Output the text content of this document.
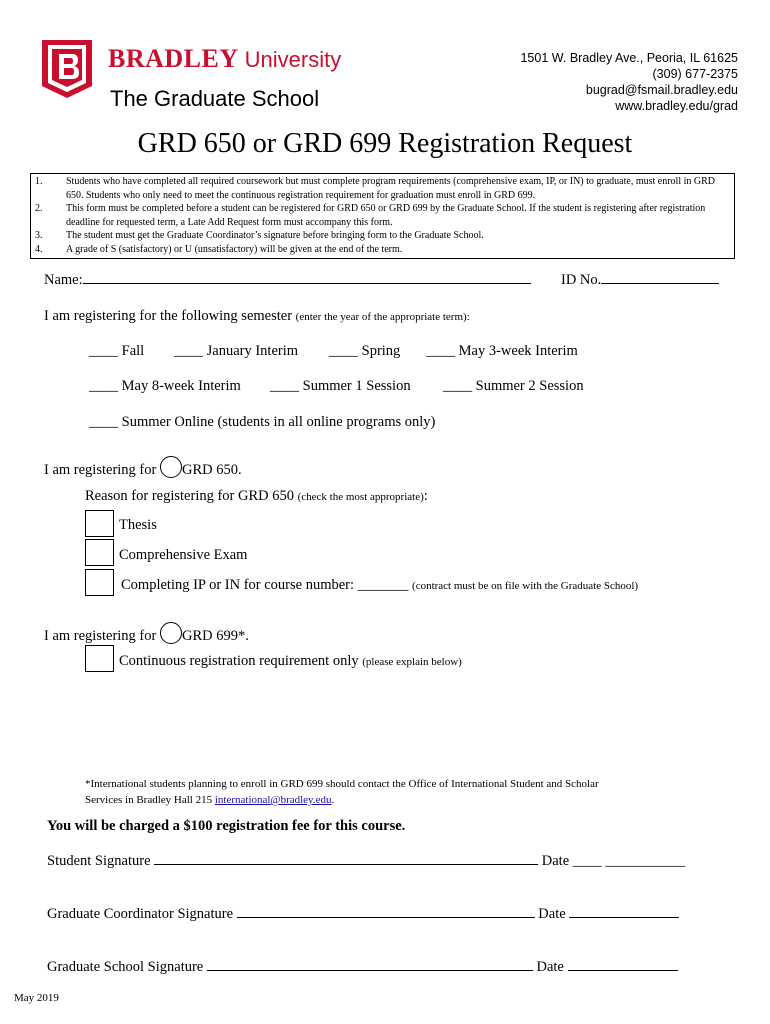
BRADLEY University
The Graduate School
1501 W. Bradley Ave., Peoria, IL 61625
(309) 677-2375
bugrad@fsmail.bradley.edu
www.bradley.edu/grad
GRD 650 or GRD 699 Registration Request
1.	Students who have completed all required coursework but must complete program requirements (comprehensive exam, IP, or IN) to graduate, must enroll in GRD 650. Students who only need to meet the continuous registration requirement for graduation must enroll in GRD 699.
2.	This form must be completed before a student can be registered for GRD 650 or GRD 699 by the Graduate School. If the student is registering after registration deadline for requested term, a Late Add Request form must accompany this form.
3.	The student must get the Graduate Coordinator’s signature before bringing form to the Graduate School.
4.	A grade of S (satisfactory) or U (unsatisfactory) will be given at the end of the term.
Name:	ID No.
I am registering for the following semester (enter the year of the appropriate term):
____ Fall ____ January Interim ____ Spring ____ May 3-week Interim
____ May 8-week Interim ____ Summer 1 Session ____ Summer 2 Session
____ Summer Online (students in all online programs only)
I am registering for GRD 650.
Reason for registering for GRD 650 (check the most appropriate):
Thesis
Comprehensive Exam
Completing IP or IN for course number: _______ (contract must be on file with the Graduate School)
I am registering for GRD 699*.
Continuous registration requirement only (please explain below)
*International students planning to enroll in GRD 699 should contact the Office of International Student and Scholar
Services in Bradley Hall 215 international@bradley.edu.
You will be charged a $100 registration fee for this course.
Student Signature	Date ____ ___________
Graduate Coordinator Signature	Date
Graduate School Signature	Date
May 2019
